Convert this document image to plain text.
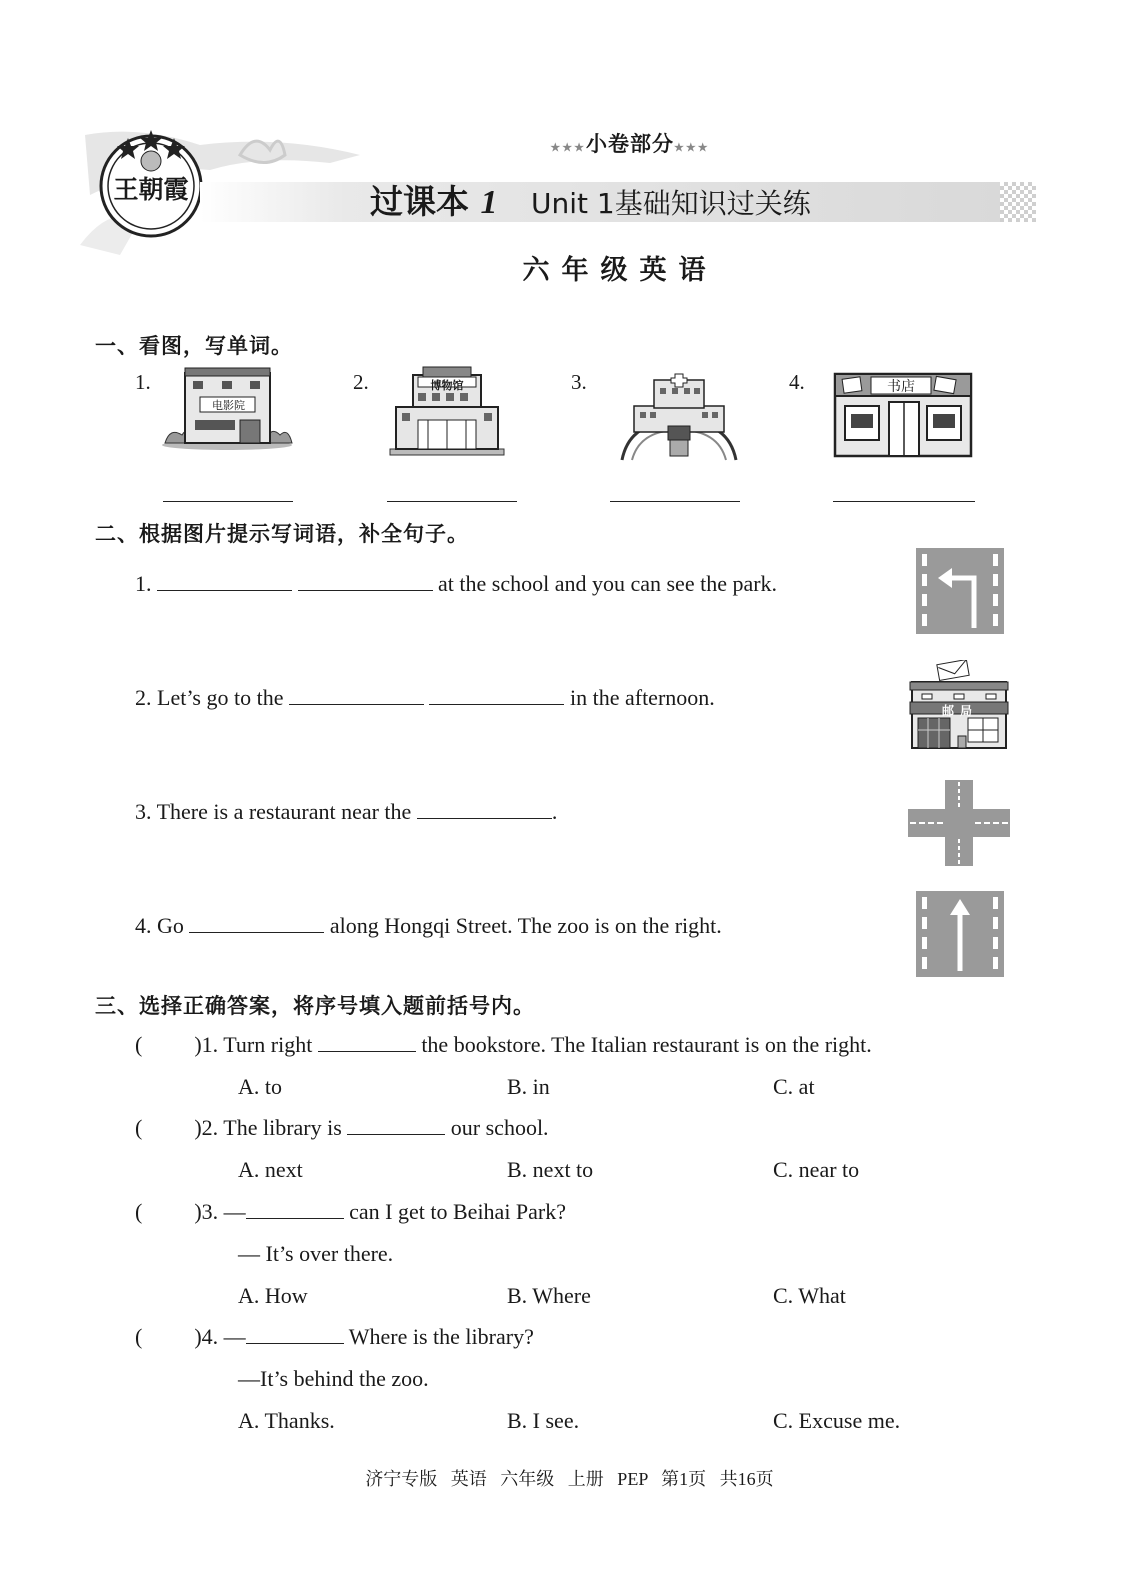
王朝霞
★★★小卷部分★★★
过课本 1 Unit 1基础知识过关练
六年级英语
一、看图，写单词。
1.	2.	3.	4.
电影院
博物馆	书店
二、根据图片提示写词语，补全句子。
1.	at the school and you can see the park.
2. Let’s go to the	in the afternoon.
邮局
3. There is a restaurant near the	.
4. Go	along Hongqi Street. The zoo is on the right.
三、选择正确答案，将序号填入题前括号内。
( )1. Turn right	the bookstore. The Italian restaurant is on the right.
A. to	B. in	C. at
( )2. The library is	our school.
A. next	B. next to	C. near to
( )3. —	can I get to Beihai Park?
— It’s over there.
A. How	B. Where	C. What
( )4. —	Where is the library?
—It’s behind the zoo.
A. Thanks.	B. I see.	C. Excuse me.
济宁专版   英语   六年级   上册   PEP   第1页   共16页
